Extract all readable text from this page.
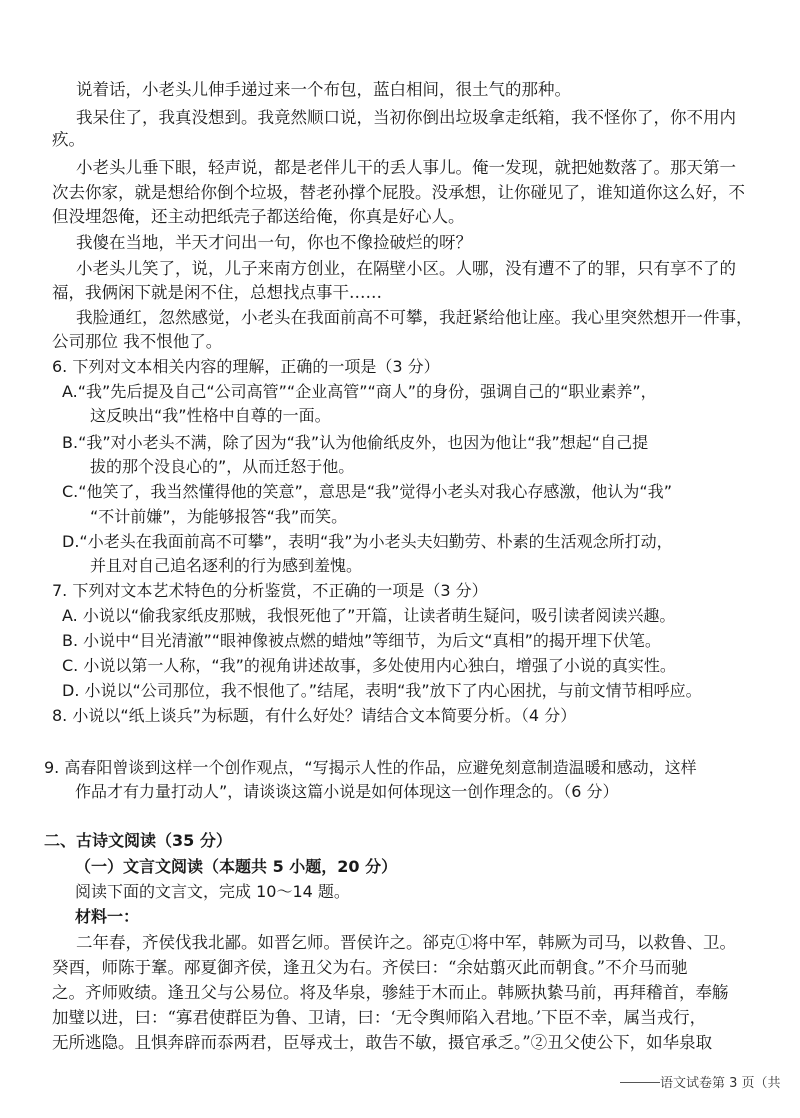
说着话，小老头儿伸手递过来一个布包，蓝白相间，很土气的那种。
我呆住了，我真没想到。我竟然顺口说，当初你倒出垃圾拿走纸箱，我不怪你了，你不用内
疚。
小老头儿垂下眼，轻声说，都是老伴儿干的丢人事儿。俺一发现，就把她数落了。那天第一
次去你家，就是想给你倒个垃圾，替老孙撑个屁股。没承想，让你碰见了，谁知道你这么好，不
但没埋怨俺，还主动把纸壳子都送给俺，你真是好心人。
我傻在当地，半天才问出一句，你也不像捡破烂的呀？
小老头儿笑了，说，儿子来南方创业，在隔壁小区。人哪，没有遭不了的罪，只有享不了的
福，我俩闲下就是闲不住，总想找点事干……
我脸通红，忽然感觉，小老头在我面前高不可攀，我赶紧给他让座。我心里突然想开一件事，
公司那位 我不恨他了。
6. 下列对文本相关内容的理解，正确的一项是（3 分）
A.“我”先后提及自己“公司高管”“企业高管”“商人”的身份，强调自己的“职业素养”，
这反映出“我”性格中自尊的一面。
B.“我”对小老头不满，除了因为“我”认为他偷纸皮外，也因为他让“我”想起“自己提
拔的那个没良心的”，从而迁怒于他。
C.“他笑了，我当然懂得他的笑意”，意思是“我”觉得小老头对我心存感激，他认为“我”
“不计前嫌”，为能够报答“我”而笑。
D.“小老头在我面前高不可攀”，表明“我”为小老头夫妇勤劳、朴素的生活观念所打动，
并且对自己追名逐利的行为感到羞愧。
7. 下列对文本艺术特色的分析鉴赏，不正确的一项是（3 分）
A. 小说以“偷我家纸皮那贼，我恨死他了”开篇，让读者萌生疑问，吸引读者阅读兴趣。
B. 小说中“目光清澈”“眼神像被点燃的蜡烛”等细节，为后文“真相”的揭开埋下伏笔。
C. 小说以第一人称，“我”的视角讲述故事，多处使用内心独白，增强了小说的真实性。
D. 小说以“公司那位，我不恨他了。”结尾，表明“我”放下了内心困扰，与前文情节相呼应。
8. 小说以“纸上谈兵”为标题，有什么好处？请结合文本简要分析。（4 分）
9. 高春阳曾谈到这样一个创作观点，“写揭示人性的作品，应避免刻意制造温暖和感动，这样
作品才有力量打动人”，请谈谈这篇小说是如何体现这一创作理念的。（6 分）
二、古诗文阅读（35 分）
（一）文言文阅读（本题共 5 小题，20 分）
阅读下面的文言文，完成 10～14 题。
材料一：
二年春，齐侯伐我北鄙。如晋乞师。晋侯许之。郤克①将中军，韩厥为司马，以救鲁、卫。
癸酉，师陈于鞌。邴夏御齐侯，逢丑父为右。齐侯曰：“余姑翦灭此而朝食。”不介马而驰
之。齐师败绩。逢丑父与公易位。将及华泉，骖絓于木而止。韩厥执絷马前，再拜稽首，奉觞
加璧以进，曰：“寡君使群臣为鲁、卫请，曰：‘无令舆师陷入君地。’下臣不幸，属当戎行，
无所逃隐。且惧奔辟而忝两君，臣辱戎士，敢告不敏，摄官承乏。”②丑父使公下，如华泉取
语文试卷第 3 页（共
